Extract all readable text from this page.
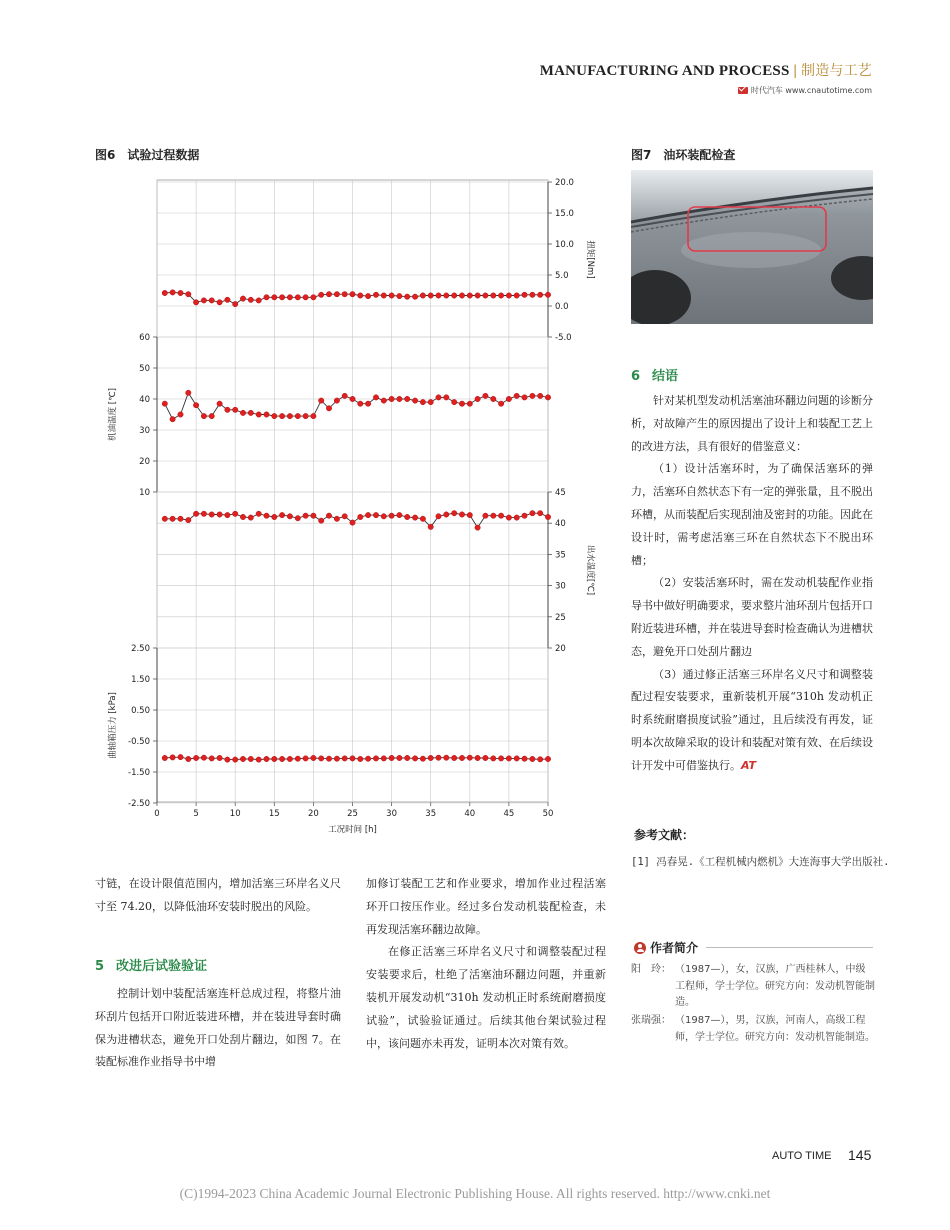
MANUFACTURING AND PROCESS | 制造与工艺
时代汽车 www.cnautotime.com
图6　试验过程数据
0	5	10	15	20	25	30	35	40	45	50
工况时间 [h]
20.0
15.0
10.0
5.0
0.0
-5.0
扭矩[Nm]
60
50
40
30
20
10
机油温度 [℃]
45
40
35
30
25
20
出水温度[℃]
2.50
1.50
0.50
-0.50
-1.50
-2.50
曲轴箱压力 [kPa]
图7　油环装配检查

寸链，在设计限值范围内，增加活塞三环岸名义尺寸至 74.20，以降低油环安装时脱出的风险。

5 改进后试验验证

控制计划中装配活塞连杆总成过程，将整片油环刮片包括开口附近装进环槽，并在装进导套时确保为进槽状态，避免开口处刮片翻边，如图 7。在装配标准作业指导书中增

加修订装配工艺和作业要求，增加作业过程活塞环开口按压作业。经过多台发动机装配检查，未再发现活塞环翻边故障。

在修正活塞三环岸名义尺寸和调整装配过程安装要求后，杜绝了活塞油环翻边问题，并重新装机开展发动机“310h 发动机正时系统耐磨损度试验”，试验验证通过。后续其他台架试验过程中，该问题亦未再发，证明本次对策有效。

6 结语

针对某机型发动机活塞油环翻边问题的诊断分析，对故障产生的原因提出了设计上和装配工艺上的改进方法，具有很好的借鉴意义：

（1）设计活塞环时，为了确保活塞环的弹力，活塞环自然状态下有一定的弹张量，且不脱出环槽，从而装配后实现刮油及密封的功能。因此在设计时，需考虑活塞三环在自然状态下不脱出环槽；

（2）安装活塞环时，需在发动机装配作业指导书中做好明确要求，要求整片油环刮片包括开口附近装进环槽，并在装进导套时检查确认为进槽状态，避免开口处刮片翻边

（3）通过修正活塞三环岸名义尺寸和调整装配过程安装要求，重新装机开展“310h 发动机正时系统耐磨损度试验”通过，且后续没有再发，证明本次故障采取的设计和装配对策有效、在后续设计开发中可借鉴执行。AT

参考文献：
[1] 冯春晃.《工程机械内燃机》大连海事大学出版社.
作者简介
阳　玲： （1987—），女，汉族，广西桂林人，中级工程师，学士学位。研究方向：发动机智能制造。
张瑞强： （1987—），男，汉族，河南人，高级工程师，学士学位。研究方向：发动机智能制造。
AUTO TIME 145
(C)1994-2023 China Academic Journal Electronic Publishing House. All rights reserved. http://www.cnki.net
